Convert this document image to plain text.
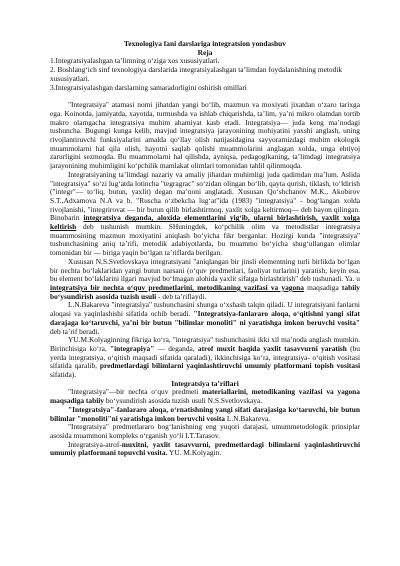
Texnologiya fani darslariga integratsion yondashuv
Reja
1.Integratsiyalashgan ta’limning o‘ziga xos xususiyatlari.
2. Boshlang‘ich sinf texnologiya darslarida integratsiyalashgan ta’limdan foydalanishning metodik xususiyatlari.
3.Integratsiyalashgan darslarning samaradorligini oshirish omillari

"Integratsiya" atamasi nomi jihatdan yangi bo‘lib, mazmun va moxiyati jixatdan o‘zaro tarixga ega. Koinotda, jamiyatda, xayotda, turmushda va ishlab chiqarishda, ta’lim, ya’ni mikro olamdan tortib makro olamgacha integratsiya muhim ahamiyat kasb etadi. Integratsiya— juda keng ma’nodagi tushuncha. Bugungi kunga kelib, mavjud integratsiya jarayonining mohiyatini yaxshi anglash, uning rivojlantiruvchi funksiyalarini amalda qo‘llay olish natijasidagina sayyoramizdagi muhim ekologik muammolarni hal qila olish, hayotni saqlab qolishi muammolarini anglagan xolda, unga ehtiyoj zarurligini sezmoqda. Bu muammolarni hal qilishda, ayniqsa, pedagogikaning, ta’limdagi integratsiya jarayonining muhimligini ko‘pchilik mamlakat olimlari tomonidan tahlil qilinmoqda.

Integratsiyaning ta’limdagi nazariy va amaliy jihatdan muhimligi juda qadimdan ma’lum. Aslida "integratsiya" so‘zi lug‘atda lotincha "tegragrac" so‘zidan olingan bo‘lib, qayta qurish, tiklash, to‘ldirish ("integr"— to‘liq, butun, yaxlit) degan ma’noni anglatadi. Xususan Qo‘shchanov M.K., Akobirov S.T.,Adxamova N.A va b. "Ruscha o‘zbekcha lug‘at"ida (1983) "integratsiya" - bog‘langan xolda rivojlanishi, "integrirovat — bir butun qilib birlashtirmoq, yaxlit xolga keltirmoq— deb bayon qilingan. Binobarin integratsiya deganda, aloxida elementlarini yig‘ib, ularni birlashtirish, yaxlit xolga keltirish deb tushunish mumkin. SHuningdek, ko‘pchilik olim va metodistlar integratsiya muammosining mazmun moxiyatini aniqlash bo‘yicha fikr berganlar. Hozirgi kunda "integratsiya" tushunchasining aniq ta’rifi, metodik adabiyotlarda, bu muammo bo‘yicha shug‘ullangan olimlar tomonidan bir — biriga yaqin bo‘lgan ta’riflarda berilgan.

Xususan N.S.Svetlovskaya integratsiyani "aniqlangan bir jinsli elementning turli birlikda bo‘lgan bir nechta bo‘laklaridan yangi butun narsani (o‘quv predmetlari, faoliyat turlarini) yaratish, keyin esa, bu element bo‘laklarini ilgari mavjud bo‘lmagan alohida yaxlit sifatga birlashtirish" deb tushunadi. Ya. u integratsiya bir nechta o‘quv predmetlarini, metodikaning vazifasi va yagona maqsadiga tabiiy bo‘ysundirish asosida tuzish usuli - deb ta’riflaydi.

L.N.Bakareva "integratsiya" tushunchasini shunga o‘xshash talqin qiladi. U integratsiyani fanlarni aloqasi va yaqinlashishi sifatida ochib beradi. "Integratsiya-fanlararo aloqa, o‘qitishni yangi sifat darajaga ko‘taruvchi, ya’ni bir butun "bilimlar monoliti" ni yaratishga imkon beruvchi vosita" deb ta’rif beradi.

YU.M.Kolyaginning fikriga ko‘ra, "integratsiya" tushunchasini ikki xil ma’noda anglash mumkin. Birinchisiga ko‘ra, "integrapiya" — deganda, atrof muxit haqida yaxlit tasavvurni yaratish (bu yerda integratsiya, o‘qitish maqsadi sifatida qaraladi), ikkinchisiga ko‘ra, integratsiya- o‘qitish vositasi sifatida qaralib, predmetlardagi bilimlarni yaqinlashtiruvchi umumiy platformani topish vositasi sifatida).

Integratsiya ta’riflari

"Integratsiya"—bir nechta o‘quv predmeti materiallarini, metodikaning vazifasi va yagona maqsadiga tabiiy bo‘ysundirish asosida tuzish usuli N.S.Svetlovskaya.

"Integratsiya"-fanlararo aloqa, o‘rnatishning yangi sifati darajasiga ko‘taruvchi, bir butun bilimlar "monoliti"ni yaratishga imkon beruvchi vosita L.N.Bakareva.

"Integratsiya" predmetlararo bog‘lanishning eng yuqori darajasi, umummetodologik prinsiplar asosida muammoni kompleks o‘rganish yo‘li I.T.Tarasov.

Integratsiya-atrof-muxitni, yaxlit tasavvurni, predmetlardagi bilimlarni yaqinlashtiruvchi umumiy platformani topuvchi vosita. YU. M.Kolyagin.
